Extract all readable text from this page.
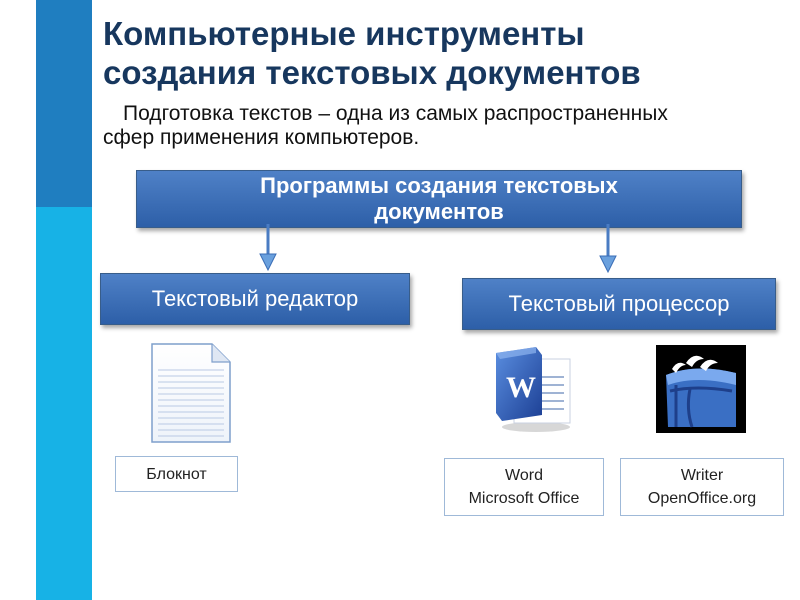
Компьютерные инструменты
создания текстовых документов
Подготовка текстов – одна из самых распространенных
сфер применения компьютеров.
Программы создания текстовых
документов
Текстовый редактор	Текстовый процессор
W
Блокнот	Word
Microsoft Office
Writer
OpenOffice.org
